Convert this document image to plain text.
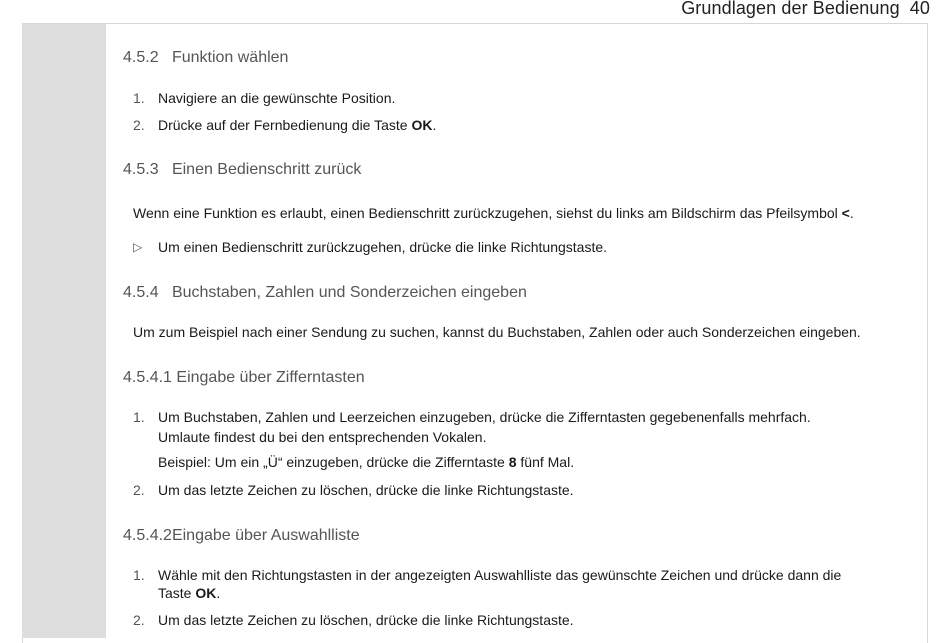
Grundlagen der Bedienung 40
4.5.2 Funktion wählen
1. Navigiere an die gewünschte Position.
2. Drücke auf der Fernbedienung die Taste OK.
4.5.3 Einen Bedienschritt zurück
Wenn eine Funktion es erlaubt, einen Bedienschritt zurückzugehen, siehst du links am Bildschirm das Pfeilsymbol <.
▷ Um einen Bedienschritt zurückzugehen, drücke die linke Richtungstaste.
4.5.4 Buchstaben, Zahlen und Sonderzeichen eingeben
Um zum Beispiel nach einer Sendung zu suchen, kannst du Buchstaben, Zahlen oder auch Sonderzeichen eingeben.
4.5.4.1 Eingabe über Zifferntasten
1. Um Buchstaben, Zahlen und Leerzeichen einzugeben, drücke die Zifferntasten gegebenenfalls mehrfach.
Umlaute findest du bei den entsprechenden Vokalen.
Beispiel: Um ein „Ü“ einzugeben, drücke die Zifferntaste 8 fünf Mal.
2. Um das letzte Zeichen zu löschen, drücke die linke Richtungstaste.
4.5.4.2Eingabe über Auswahlliste
1. Wähle mit den Richtungstasten in der angezeigten Auswahlliste das gewünschte Zeichen und drücke dann die
Taste OK.
2. Um das letzte Zeichen zu löschen, drücke die linke Richtungstaste.
